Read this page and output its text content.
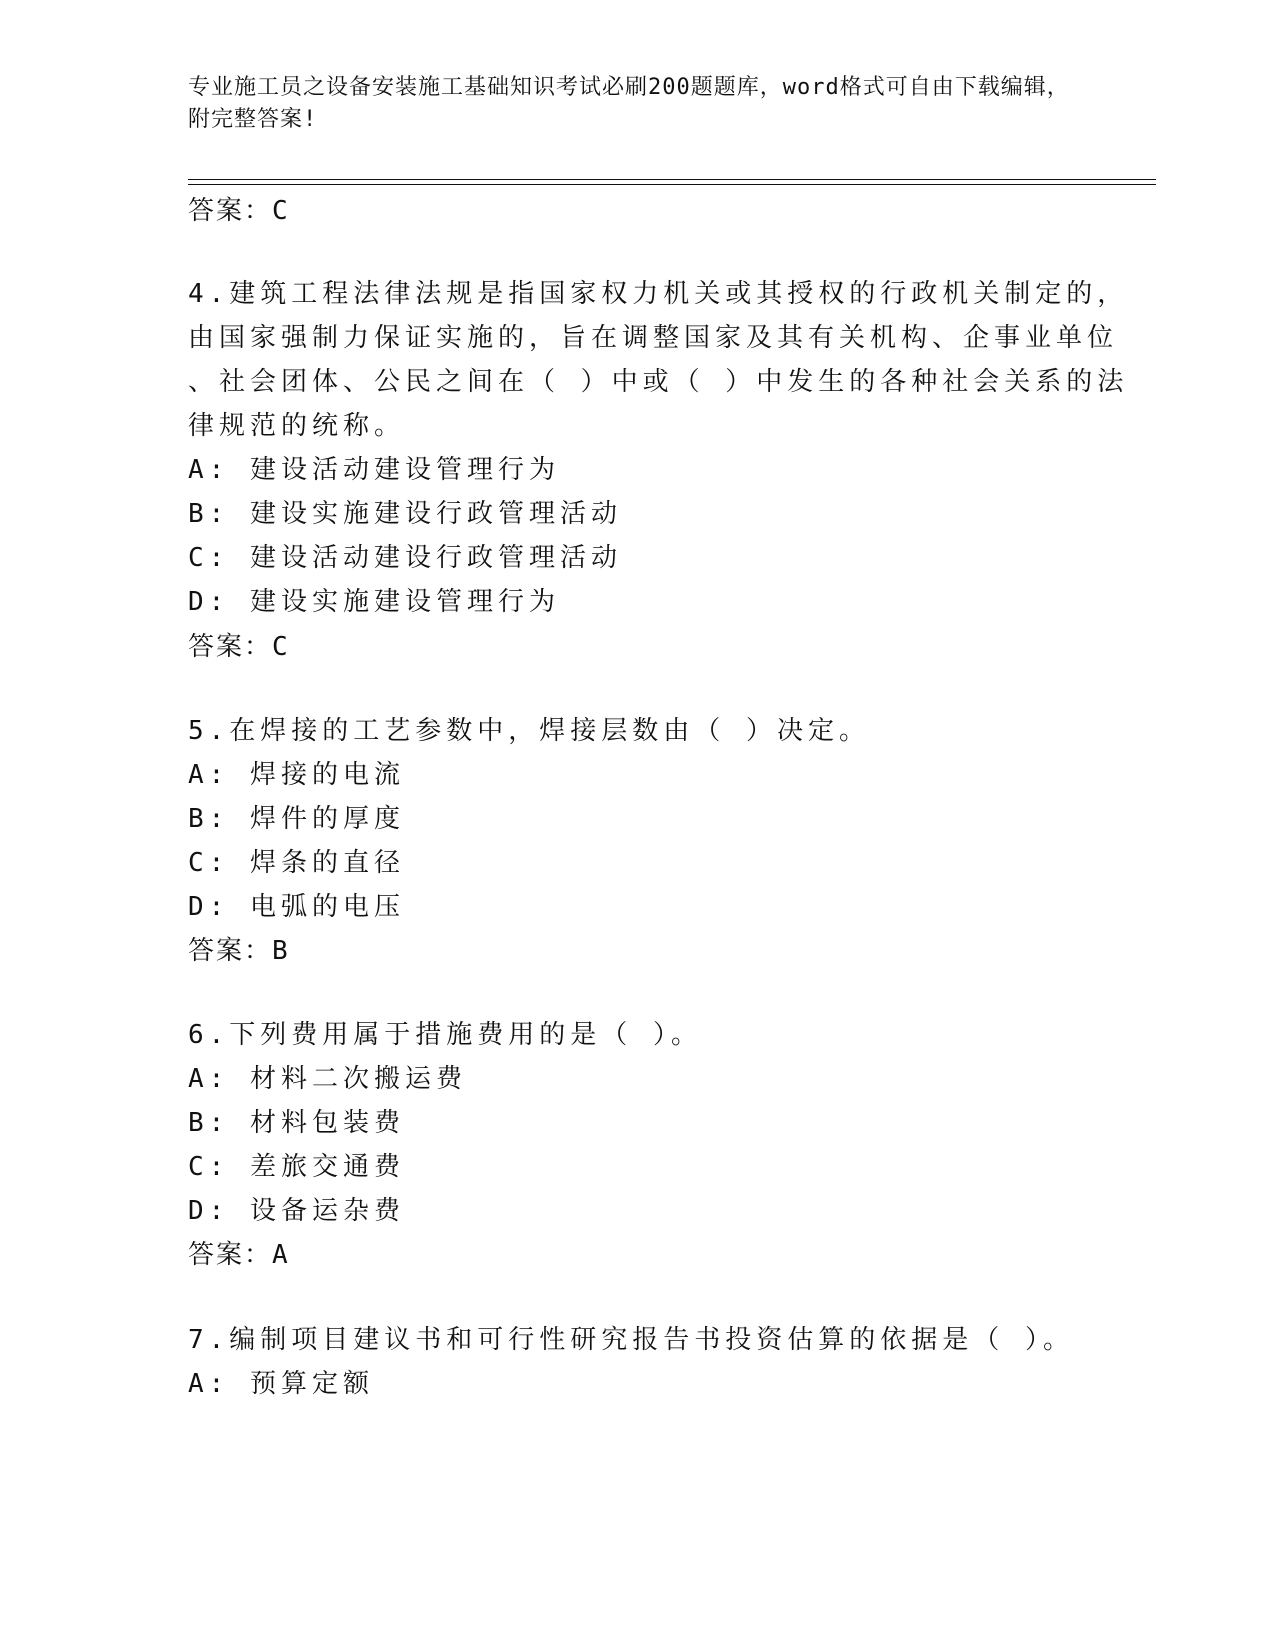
专业施工员之设备安装施工基础知识考试必刷200题题库，word格式可自由下载编辑，附完整答案!
答案：C
4.建筑工程法律法规是指国家权力机关或其授权的行政机关制定的，
由国家强制力保证实施的，旨在调整国家及其有关机构、企事业单位
、社会团体、公民之间在（ ）中或（ ）中发生的各种社会关系的法
律规范的统称。
A: 建设活动建设管理行为
B: 建设实施建设行政管理活动
C: 建设活动建设行政管理活动
D: 建设实施建设管理行为
答案：C
5.在焊接的工艺参数中，焊接层数由（ ）决定。
A: 焊接的电流
B: 焊件的厚度
C: 焊条的直径
D: 电弧的电压
答案：B
6.下列费用属于措施费用的是（ ）。
A: 材料二次搬运费
B: 材料包装费
C: 差旅交通费
D: 设备运杂费
答案：A
7.编制项目建议书和可行性研究报告书投资估算的依据是（ ）。
A: 预算定额
